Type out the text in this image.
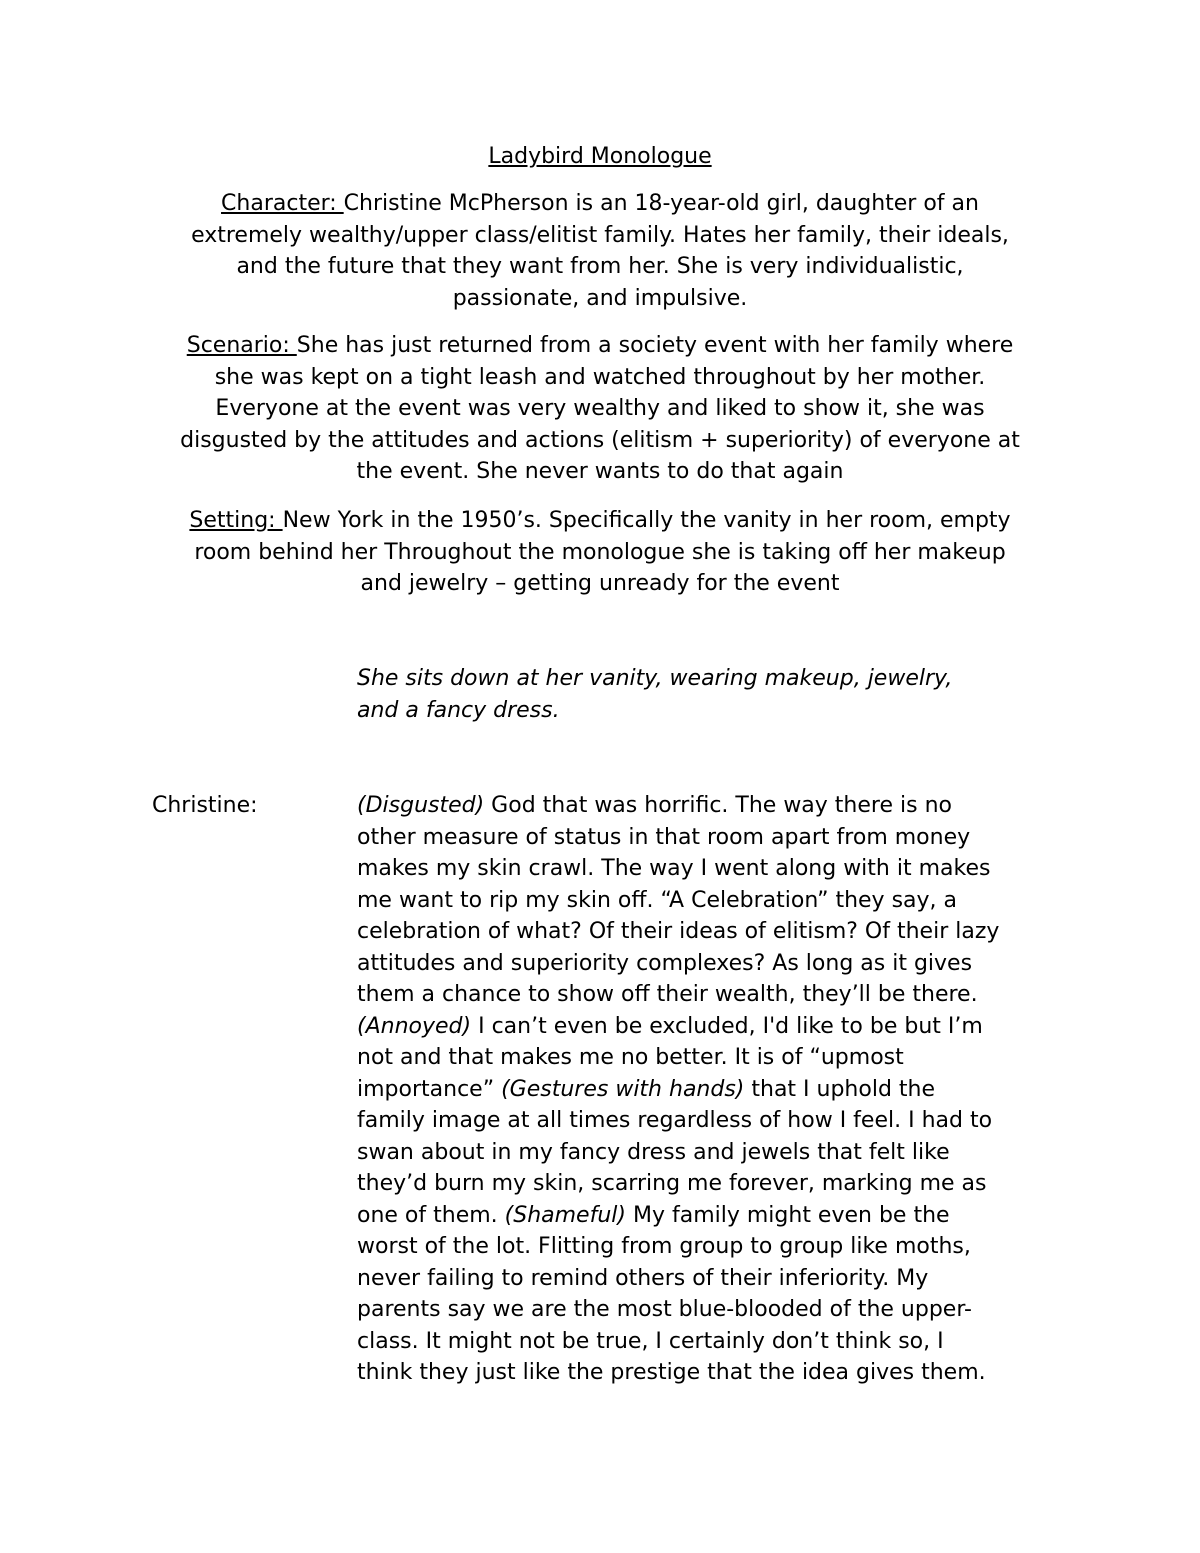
Ladybird Monologue
Character: Christine McPherson is an 18-year-old girl, daughter of an
extremely wealthy/upper class/elitist family. Hates her family, their ideals,
and the future that they want from her. She is very individualistic,
passionate, and impulsive.
Scenario: She has just returned from a society event with her family where
she was kept on a tight leash and watched throughout by her mother.
Everyone at the event was very wealthy and liked to show it, she was
disgusted by the attitudes and actions (elitism + superiority) of everyone at
the event. She never wants to do that again
Setting: New York in the 1950’s. Specifically the vanity in her room, empty
room behind her Throughout the monologue she is taking off her makeup
and jewelry – getting unready for the event
She sits down at her vanity, wearing makeup, jewelry,
and a fancy dress.
Christine:	(Disgusted) God that was horrific. The way there is no
other measure of status in that room apart from money
makes my skin crawl. The way I went along with it makes
me want to rip my skin off. “A Celebration” they say, a
celebration of what? Of their ideas of elitism? Of their lazy
attitudes and superiority complexes? As long as it gives
them a chance to show off their wealth, they’ll be there.
(Annoyed) I can’t even be excluded, I'd like to be but I’m
not and that makes me no better. It is of “upmost
importance” (Gestures with hands) that I uphold the
family image at all times regardless of how I feel. I had to
swan about in my fancy dress and jewels that felt like
they’d burn my skin, scarring me forever, marking me as
one of them. (Shameful) My family might even be the
worst of the lot. Flitting from group to group like moths,
never failing to remind others of their inferiority. My
parents say we are the most blue-blooded of the upper-
class. It might not be true, I certainly don’t think so, I
think they just like the prestige that the idea gives them.
